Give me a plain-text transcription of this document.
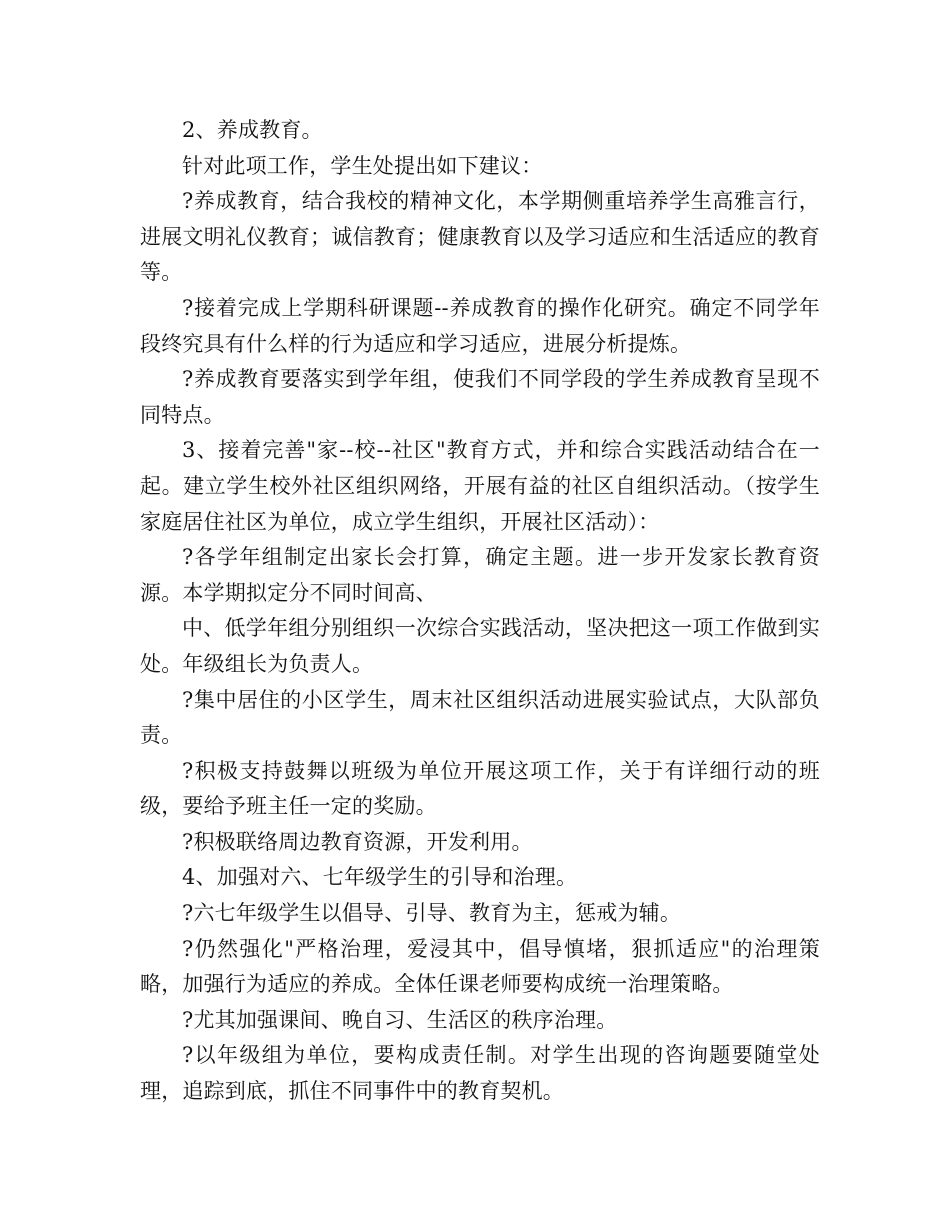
2、养成教育。

针对此项工作，学生处提出如下建议：

?养成教育，结合我校的精神文化，本学期侧重培养学生高雅言行，进展文明礼仪教育；诚信教育；健康教育以及学习适应和生活适应的教育等。

?接着完成上学期科研课题--养成教育的操作化研究。确定不同学年段终究具有什么样的行为适应和学习适应，进展分析提炼。

?养成教育要落实到学年组，使我们不同学段的学生养成教育呈现不同特点。

3、接着完善"家--校--社区"教育方式，并和综合实践活动结合在一起。建立学生校外社区组织网络，开展有益的社区自组织活动。（按学生家庭居住社区为单位，成立学生组织，开展社区活动）：

?各学年组制定出家长会打算，确定主题。进一步开发家长教育资源。本学期拟定分不同时间高、

中、低学年组分别组织一次综合实践活动，坚决把这一项工作做到实处。年级组长为负责人。

?集中居住的小区学生，周末社区组织活动进展实验试点，大队部负责。

?积极支持鼓舞以班级为单位开展这项工作，关于有详细行动的班级，要给予班主任一定的奖励。

?积极联络周边教育资源，开发利用。

4、加强对六、七年级学生的引导和治理。

?六七年级学生以倡导、引导、教育为主，惩戒为辅。

?仍然强化"严格治理，爱浸其中，倡导慎堵，狠抓适应"的治理策略，加强行为适应的养成。全体任课老师要构成统一治理策略。

?尤其加强课间、晚自习、生活区的秩序治理。

?以年级组为单位，要构成责任制。对学生出现的咨询题要随堂处理，追踪到底，抓住不同事件中的教育契机。
